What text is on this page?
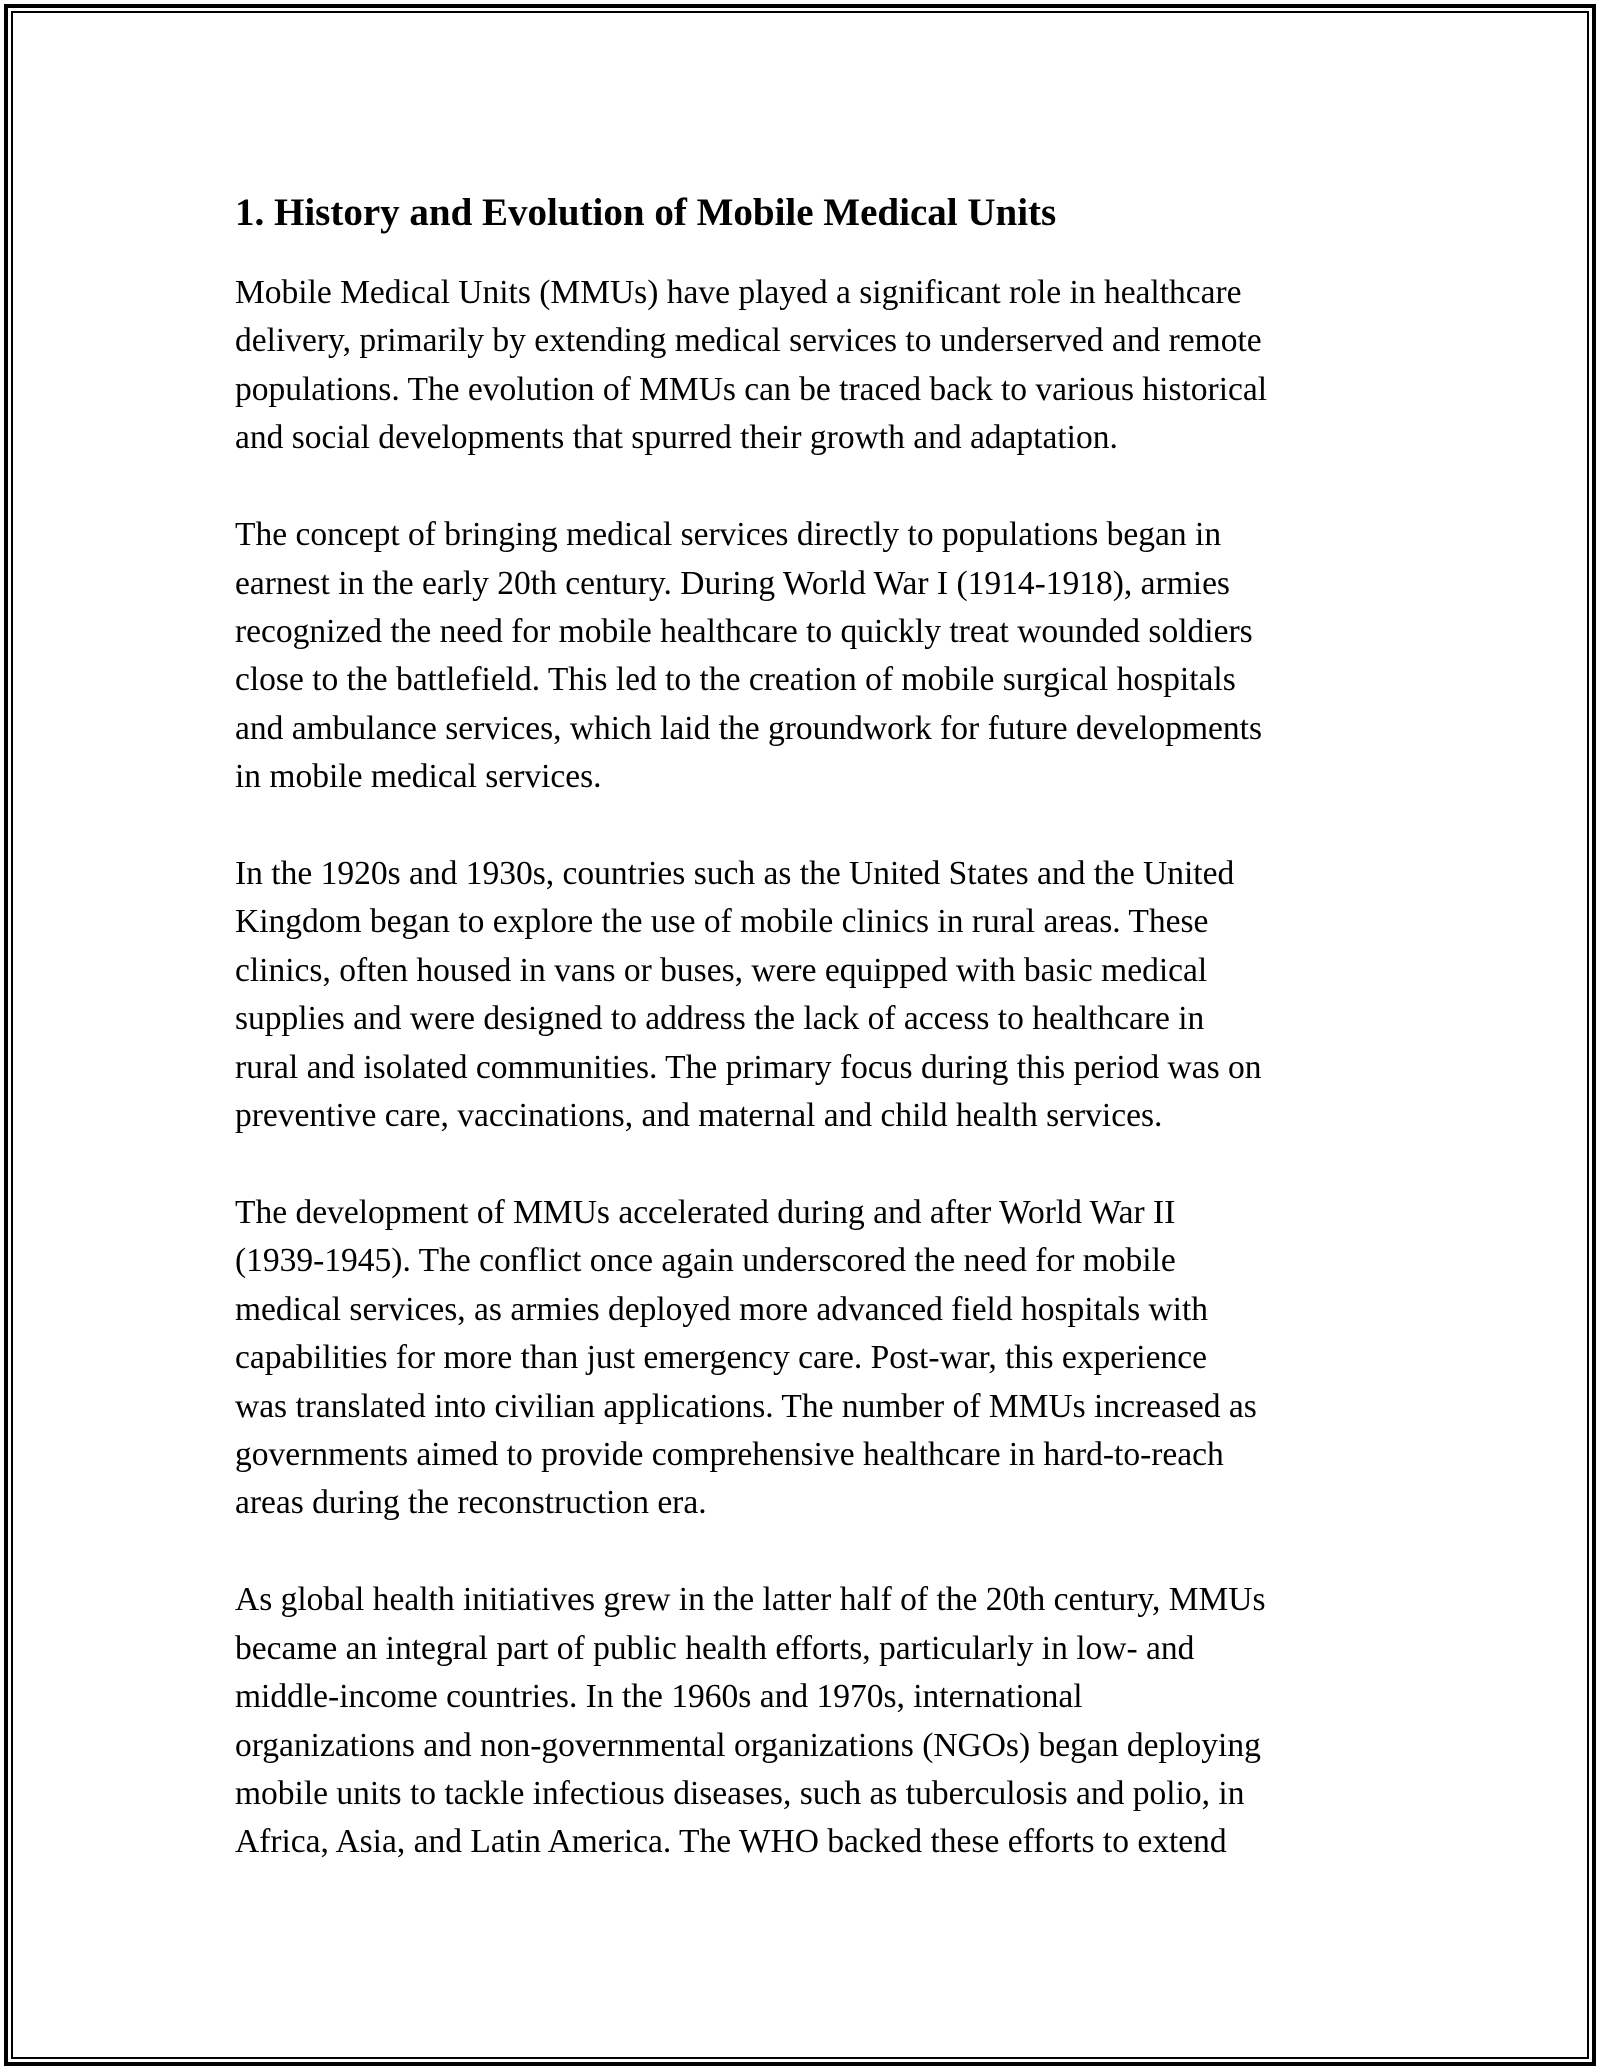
1. History and Evolution of Mobile Medical Units

Mobile Medical Units (MMUs) have played a significant role in healthcare
delivery, primarily by extending medical services to underserved and remote
populations. The evolution of MMUs can be traced back to various historical
and social developments that spurred their growth and adaptation.

The concept of bringing medical services directly to populations began in
earnest in the early 20th century. During World War I (1914-1918), armies
recognized the need for mobile healthcare to quickly treat wounded soldiers
close to the battlefield. This led to the creation of mobile surgical hospitals
and ambulance services, which laid the groundwork for future developments
in mobile medical services.

In the 1920s and 1930s, countries such as the United States and the United
Kingdom began to explore the use of mobile clinics in rural areas. These
clinics, often housed in vans or buses, were equipped with basic medical
supplies and were designed to address the lack of access to healthcare in
rural and isolated communities. The primary focus during this period was on
preventive care, vaccinations, and maternal and child health services.

The development of MMUs accelerated during and after World War II
(1939-1945). The conflict once again underscored the need for mobile
medical services, as armies deployed more advanced field hospitals with
capabilities for more than just emergency care. Post-war, this experience
was translated into civilian applications. The number of MMUs increased as
governments aimed to provide comprehensive healthcare in hard-to-reach
areas during the reconstruction era.

As global health initiatives grew in the latter half of the 20th century, MMUs
became an integral part of public health efforts, particularly in low- and
middle-income countries. In the 1960s and 1970s, international
organizations and non-governmental organizations (NGOs) began deploying
mobile units to tackle infectious diseases, such as tuberculosis and polio, in
Africa, Asia, and Latin America. The WHO backed these efforts to extend
